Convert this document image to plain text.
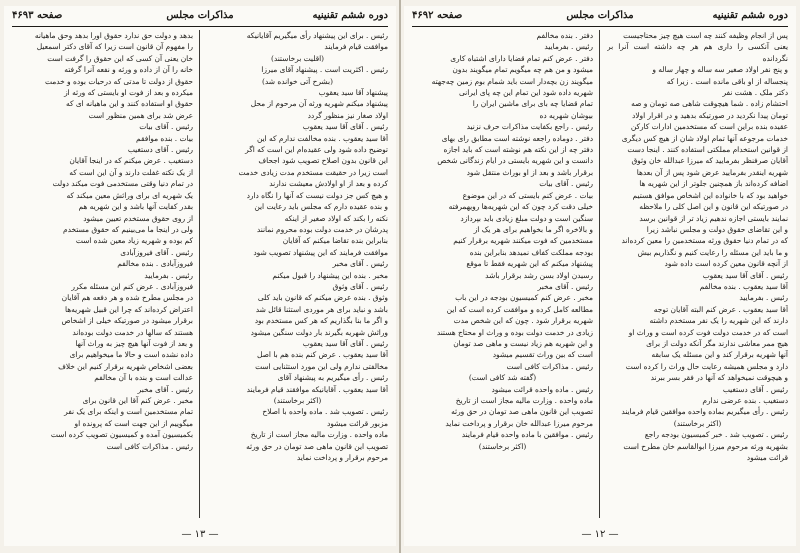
دوره ششم تقنینیه
مذاکرات مجلس
صفحه ۴۶۹۳

رئیس . برای این پیشنهاد رأی میگیریم آقایانیکه

موافقت قیام فرمایند

(اقلیت برخاستند)

رئیس . اکثریت است . پیشنهاد آقای میرزا

(بشرح آتی خوانده شد)

پیشنهاد آقا سید یعقوب

پیشنهاد میکنم شهریه ورثه آن مرحوم از محل

اولاد صغار نیز منظور گردد

رئیس . آقای آقا سید یعقوب

آقا سید یعقوب . بنده مخالفت ندارم که این

توضیح داده شود ولی عقیده‌ام این است که اگر

این قانون بدون اصلاح تصویب شود اجحاف

است زیرا در حقیقت مستخدم مدت زیادی خدمت

کرده و بعد از او اولادش معیشت ندارند

و هیچ کس جز دولت نیست که آنها را نگاه دارد

و بنده عقیده دارم که مجلس باید رعایت این

نکته را بکند که اولاد صغیر از اینکه

پدرشان در خدمت دولت بوده محروم نمانند

بنابراین بنده تقاضا میکنم که آقایان

موافقت فرمایند که این پیشنهاد تصویب شود

رئیس . آقای مخبر

مخبر . بنده این پیشنهاد را قبول میکنم

رئیس . آقای وثوق

وثوق . بنده عرض میکنم که قانون باید کلی

باشد و نباید برای هر موردی استثنا قائل شد

و اگر ما بنا بگذاریم که هر کس مستخدم بود

وراثش شهریه بگیرند بار دولت سنگین میشود

رئیس . آقای آقا سید یعقوب

آقا سید یعقوب . عرض کنم بنده هم با اصل

مخالفتی ندارم ولی این مورد استثنایی است

رئیس . رأی میگیریم به پیشنهاد آقای

آقا سید یعقوب . آقایانیکه موافقند قیام فرمایند

(اکثر برخاستند)

رئیس . تصویب شد . ماده واحده با اصلاح

مزبور قرائت میشود

ماده واحده . وزارت مالیه مجاز است از تاریخ

تصویب این قانون ماهی صد تومان در حق ورثه

مرحوم برقرار و پرداخت نماید

بدهد و دولت حق ندارد حقوق اورا بدهد وحق ماهیانه

را مفهوم آن قانون است زیرا که آقای دکتر اسمعیل

خان یعنی آن کسی که این حقوق را گرفت است

خانه را آن از داده و ورثه و نفعه آنرا گرفته

حقوق از دولت تا مدتی که درحیات بوده و خدمت

میکرده و بعد از فوت او بایستی که ورثه از

حقوق او استفاده کنند و این ماهیانه ای که

عرض شد برای همین منظور است

رئیس . آقای بیات

بیات . بنده موافقم

رئیس . آقای دستغیب

دستغیب . عرض میکنم که در اینجا آقایان

از یک نکته غفلت دارند و آن این است که

در تمام دنیا وقتی مستخدمی فوت میکند دولت

یک شهریه ای برای وراثش معین میکند که

بقدر کفایت آنها باشد و این شهریه هم

از روی حقوق مستخدم تعیین میشود

ولی در اینجا ما می‌بینیم که حقوق مستخدم

کم بوده و شهریه زیاد معین شده است

رئیس . آقای فیروزآبادی

فیروزآبادی . بنده مخالفم

رئیس . بفرمایید

فیروزآبادی . عرض کنم این مسئله مکرر

در مجلس مطرح شده و هر دفعه هم آقایان

اعتراض کرده‌اند که چرا این قبیل شهریه‌ها

برقرار میشود در صورتیکه خیلی از اشخاص

هستند که سالها در خدمت دولت بوده‌اند

و بعد از فوت آنها هیچ چیز به وراث آنها

داده نشده است و حالا ما میخواهیم برای

بعضی اشخاص شهریه برقرار کنیم این خلاف

عدالت است و بنده با آن مخالفم

رئیس . آقای مخبر

مخبر . عرض کنم آقا این قانون برای

تمام مستخدمین است و اینکه برای یک نفر

میگوییم از این جهت است که پرونده او

بکمیسیون آمده و کمیسیون تصویب کرده است

رئیس . مذاکرات کافی است

— ۱۳ —
دوره ششم تقنینیه
مذاکرات مجلس
صفحه ۴۶۹۲

پس از انجام وظیفه کنند چه است هیچ چیز محتاجیست

یعنی آنکسی را داری هم هر چه داشته است آنرا بر نگردانده

و پنج نفر اولاد صغیر سه ساله و چهار ساله و

پنجساله از او باقی مانده است . زیرا که

دکتر ملک . هشت نفر

احتشام زاده . شما هیچوقت شاهی صه تومان و صه

تومان پیدا نکردید در صورتیکه بدهید و در اقرار اولاد

عقیده بنده براین است که مستخدمین ادارات کارکن

خدمات مرجوعه آنها تمام اولاد شان از هیچ کس دیگری

از قوانین استخدام مملکتی استفاده کنند . اینجا دست

آقایان صرفنظر بفرمایید که میرزا عبدالله خان وثوق

شهریه اینقدر بفرمایید عرض شود پس از آن بعدها

اضافه کرده‌اند باز همچنین جلوتر از این شهریه ها

خواهید بود که با خانواده این اشخاص موافق هستیم

در صورتیکه این قانون و این اصل کلی را ملاحظه

نمایند بایستی اجازه ندهیم زیاد تر از قوانین برسد

و این تقاضای حقوق دولت و مجلس نباشد زیرا

که در تمام دنیا حقوق ورثه مستخدمین را معین کرده‌اند

و ما باید این مسئله را رعایت کنیم و نگذاریم بیش

از آنچه قانون معین کرده است داده شود

رئیس . آقای آقا سید یعقوب

آقا سید یعقوب . بنده مخالفم

رئیس . بفرمایید

آقا سید یعقوب . عرض کنم البته آقایان توجه

دارند که این شهریه را یک نفر مستخدم داشته

است که در خدمت دولت فوت کرده است و وراث او

هیچ ممر معاشی ندارند مگر آنکه دولت از برای

آنها شهریه برقرار کند و این مسئله یک سابقه

دارد و مجلس همیشه رعایت حال وراث را کرده است

و هیچوقت نمیخواهد که آنها در فقر بسر ببرند

رئیس . آقای دستغیب

دستغیب . بنده عرضی ندارم

رئیس . رأی میگیریم بماده واحده موافقین قیام فرمایند

(اکثر برخاستند)

رئیس . تصویب شد . خبر کمیسیون بودجه راجع

بشهریه ورثه مرحوم میرزا ابوالقاسم خان مطرح است

قرائت میشود

دفتر . بنده مخالفم

رئیس . بفرمایید

دفتر . عرض کنم تمام قضایا دارای اشتباه کاری

میشود و من هم چه میگویم تمام میگویند بدون

میگویند زن بچه‌دار است باید شمام بوم زمین چه‌جهته

شهریه داده شود این تمام این چه پای ایرانی

تمام قضایا چه بای برای ماشین ایران را

بیوشان شهریه ده

رئیس . راجع بکفایت مذاکرات حرف نزنید

دفتر . دوماده راجعه نوشته است مطابق رای بهای

دفتر چه از این نکته هم نوشته است که باید اجازه

دانست و این شهریه بایستی در ایام زندگانی شخص

برقرار باشد و بعد از او بوراث منتقل شود

رئیس . آقای بیات

بیات . عرض کنم بایستی که در این موضوع

خیلی دقت کرد چون که این شهریه‌ها رویهمرفته

سنگین است و دولت مبلغ زیادی باید بپردازد

و بالاخره اگر ما بخواهیم برای هر یک از

مستخدمین که فوت میکنند شهریه برقرار کنیم

بودجه مملکت کفاف نمیدهد بنابراین بنده

پیشنهاد میکنم که این شهریه فقط تا موقع

رسیدن اولاد بسن رشد برقرار باشد

رئیس . آقای مخبر

مخبر . عرض کنم کمیسیون بودجه در این باب

مطالعه کامل کرده و موافقت کرده است که این

شهریه برقرار شود . چون که این شخص مدت

زیادی در خدمت دولت بوده و وراث او محتاج هستند

و این شهریه هم زیاد نیست و ماهی صد تومان

است که بین وراث تقسیم میشود

رئیس . مذاکرات کافی است

(گفته شد کافی است)

رئیس . ماده واحده قرائت میشود

ماده واحده . وزارت مالیه مجاز است از تاریخ

تصویب این قانون ماهی صد تومان در حق ورثه

مرحوم میرزا عبدالله خان برقرار و پرداخت نماید

رئیس . موافقین با ماده واحده قیام فرمایند

(اکثر برخاستند)

— ۱۲ —
